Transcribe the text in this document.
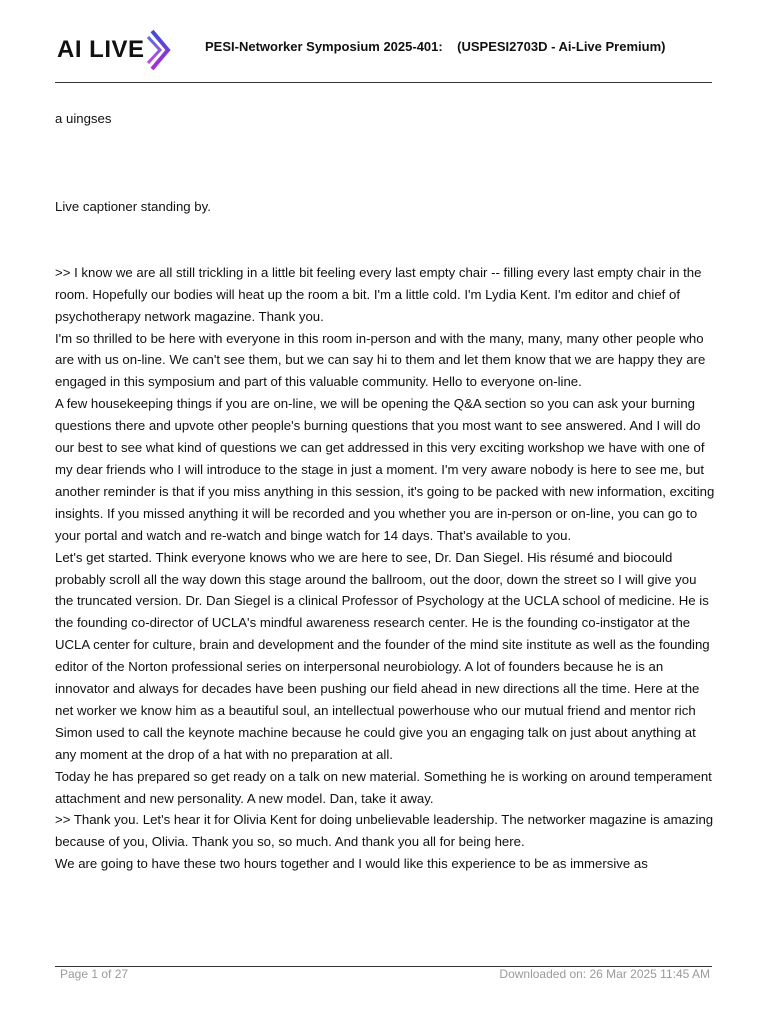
AI LIVE	PESI-Networker Symposium 2025-401:    (USPESI2703D - Ai-Live Premium)

a uingses

Live captioner standing by.

>> I know we are all still trickling in a little bit feeling every last empty chair -- filling every last empty chair in the room. Hopefully our bodies will heat up the room a bit. I'm a little cold. I'm Lydia Kent. I'm editor and chief of psychotherapy network magazine. Thank you.

I'm so thrilled to be here with everyone in this room in-person and with the many, many, many other people who are with us on-line. We can't see them, but we can say hi to them and let them know that we are happy they are engaged in this symposium and part of this valuable community. Hello to everyone on-line.

A few housekeeping things if you are on-line, we will be opening the Q&A section so you can ask your burning questions there and upvote other people's burning questions that you most want to see answered. And I will do our best to see what kind of questions we can get addressed in this very exciting workshop we have with one of my dear friends who I will introduce to the stage in just a moment. I'm very aware nobody is here to see me, but another reminder is that if you miss anything in this session, it's going to be packed with new information, exciting insights. If you missed anything it will be recorded and you whether you are in-person or on-line, you can go to your portal and watch and re-watch and binge watch for 14 days. That's available to you.

Let's get started. Think everyone knows who we are here to see, Dr. Dan Siegel. His résumé and biocould probably scroll all the way down this stage around the ballroom, out the door, down the street so I will give you the truncated version. Dr. Dan Siegel is a clinical Professor of Psychology at the UCLA school of medicine. He is the founding co-director of UCLA's mindful awareness research center. He is the founding co-instigator at the UCLA center for culture, brain and development and the founder of the mind site institute as well as the founding editor of the Norton professional series on interpersonal neurobiology. A lot of founders because he is an innovator and always for decades have been pushing our field ahead in new directions all the time. Here at the net worker we know him as a beautiful soul, an intellectual powerhouse who our mutual friend and mentor rich Simon used to call the keynote machine because he could give you an engaging talk on just about anything at any moment at the drop of a hat with no preparation at all.

Today he has prepared so get ready on a talk on new material. Something he is working on around temperament attachment and new personality. A new model. Dan, take it away.

>> Thank you. Let's hear it for Olivia Kent for doing unbelievable leadership. The networker magazine is amazing because of you, Olivia. Thank you so, so much. And thank you all for being here.

We are going to have these two hours together and I would like this experience to be as immersive as

Page 1 of 27	Downloaded on: 26 Mar 2025 11:45 AM
